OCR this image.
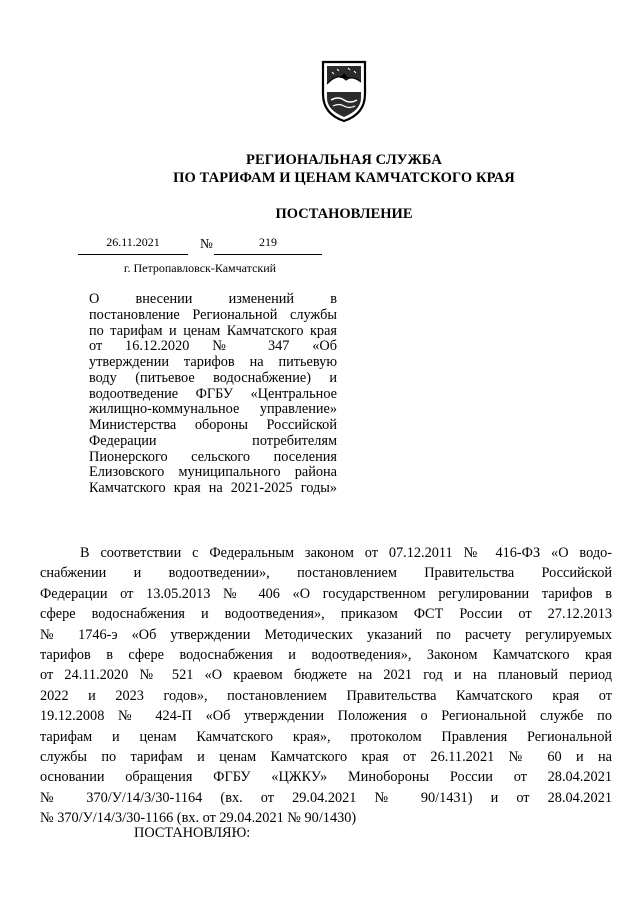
РЕГИОНАЛЬНАЯ СЛУЖБА
ПО ТАРИФАМ И ЦЕНАМ КАМЧАТСКОГО КРАЯ
ПОСТАНОВЛЕНИЕ
26.11.2021	№	219
г. Петропавловск-Камчатский
О внесении изменений в
постановление Региональной службы
по тарифам и ценам Камчатского края
от 16.12.2020 № 347 «Об
утверждении тарифов на питьевую
воду (питьевое водоснабжение) и
водоотведение ФГБУ «Центральное
жилищно-коммунальное управление»
Министерства обороны Российской
Федерации потребителям
Пионерского сельского поселения
Елизовского муниципального района
Камчатского края на 2021-2025 годы»
В соответствии с Федеральным законом от 07.12.2011 № 416-ФЗ «О водо-
снабжении и водоотведении», постановлением Правительства Российской
Федерации от 13.05.2013 № 406 «О государственном регулировании тарифов в
сфере водоснабжения и водоотведения», приказом ФСТ России от 27.12.2013
№ 1746-э «Об утверждении Методических указаний по расчету регулируемых
тарифов в сфере водоснабжения и водоотведения», Законом Камчатского края
от 24.11.2020 № 521 «О краевом бюджете на 2021 год и на плановый период
2022 и 2023 годов», постановлением Правительства Камчатского края от
19.12.2008 № 424-П «Об утверждении Положения о Региональной службе по
тарифам и ценам Камчатского края», протоколом Правления Региональной
службы по тарифам и ценам Камчатского края от 26.11.2021 № 60 и на
основании обращения ФГБУ «ЦЖКУ» Минобороны России от 28.04.2021
№ 370/У/14/3/30-1164 (вх. от 29.04.2021 № 90/1431) и от 28.04.2021
№ 370/У/14/3/30-1166 (вх. от 29.04.2021 № 90/1430)
ПОСТАНОВЛЯЮ:
